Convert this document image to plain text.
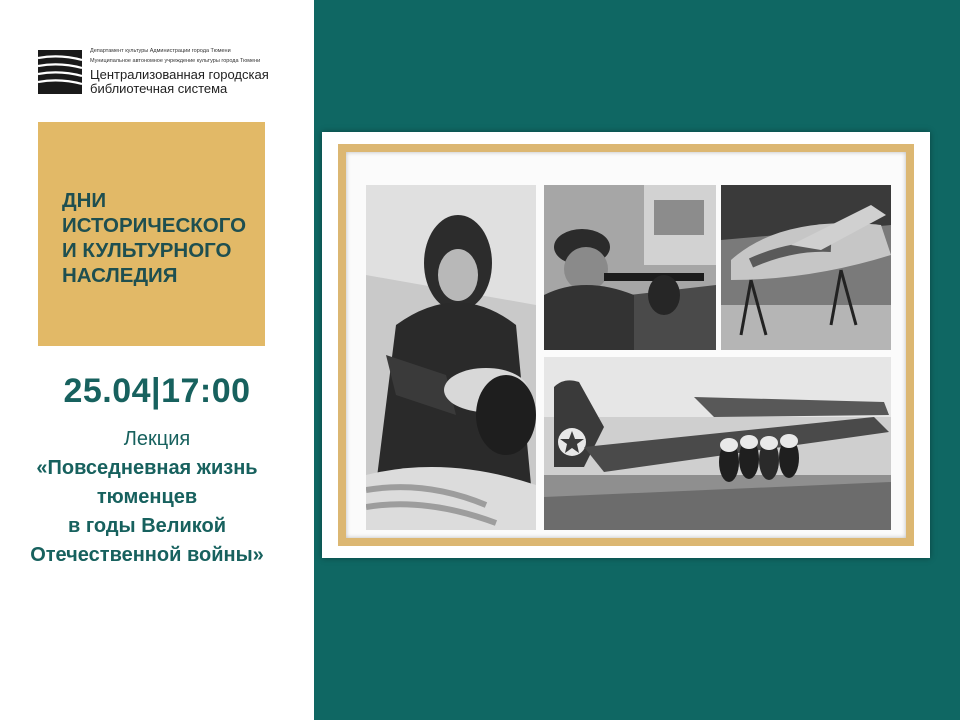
Департамент культуры Администрации города Тюмени
Муниципальное автономное учреждение культуры города Тюмени
Централизованная городская
библиотечная система
ДНИ
ИСТОРИЧЕСКОГО
И КУЛЬТУРНОГО
НАСЛЕДИЯ
25.04|17:00
Лекция
«Повседневная жизнь
тюменцев
в годы Великой
Отечественной войны»
